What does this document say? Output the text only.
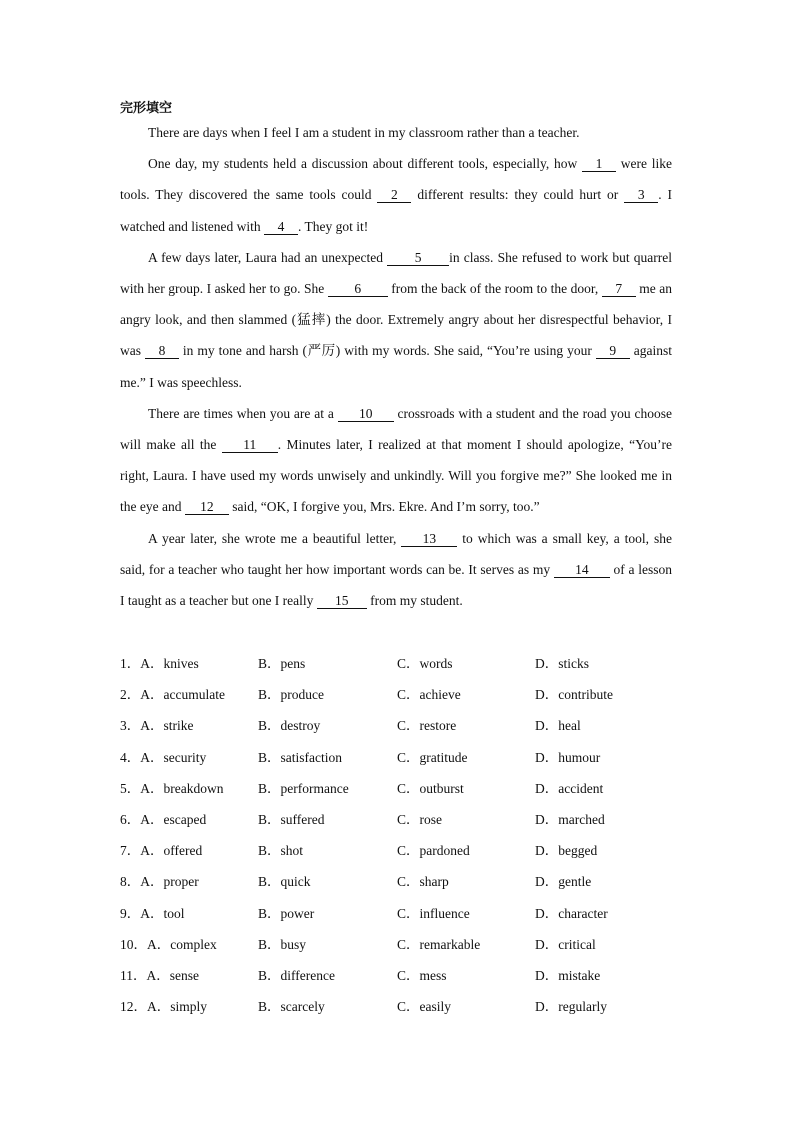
完形填空

There are days when I feel I am a student in my classroom rather than a teacher.

One day, my students held a discussion about different tools, especially, how 1 were like tools. They discovered the same tools could 2 different results: they could hurt or 3 . I watched and listened with 4 . They got it!

A few days later, Laura had an unexpected 5 in class. She refused to work but quarrel with her group. I asked her to go. She 6 from the back of the room to the door, 7 me an angry look, and then slammed (猛摔) the door. Extremely angry about her disrespectful behavior, I was 8 in my tone and harsh (严厉) with my words. She said, “You’re using your 9 against me.” I was speechless.

There are times when you are at a 10 crossroads with a student and the road you choose will make all the 11 . Minutes later, I realized at that moment I should apologize, “You’re right, Laura. I have used my words unwisely and unkindly. Will you forgive me?” She looked me in the eye and 12 said, “OK, I forgive you, Mrs. Ekre. And I’m sorry, too.”

A year later, she wrote me a beautiful letter, 13 to which was a small key, a tool, she said, for a teacher who taught her how important words can be. It serves as my 14 of a lesson I taught as a teacher but one I really 15 from my student.

1．A．knives	B．pens	C．words	D．sticks
2．A．accumulate B．produce	C．achieve	D．contribute
3．A．strike	B．destroy	C．restore	D．heal
4．A．security	B．satisfaction	C．gratitude	D．humour
5．A．breakdown	B．performance	C．outburst	D．accident
6．A．escaped	B．suffered	C．rose	D．marched
7．A．offered	B．shot	C．pardoned	D．begged
8．A．proper	B．quick	C．sharp	D．gentle
9．A．tool	B．power	C．influence	D．character
10．A．complex	B．busy	C．remarkable	D．critical
11．A．sense	B．difference	C．mess	D．mistake
12．A．simply	B．scarcely	C．easily	D．regularly
